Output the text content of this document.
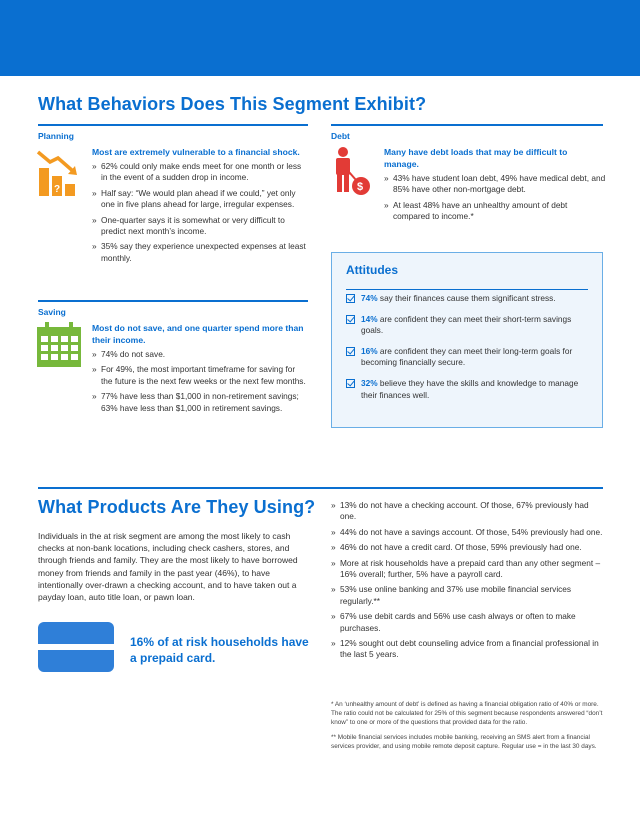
What Behaviors Does This Segment Exhibit?
Planning
?
Most are extremely vulnerable to a financial shock.
» 62% could only make ends meet for one month or less in the event of a sudden drop in income.
» Half say: “We would plan ahead if we could,” yet only one in five plans ahead for large, irregular expenses.
» One-quarter says it is somewhat or very difficult to predict next month’s income.
» 35% say they experience unexpected expenses at least monthly.
Saving
Most do not save, and one quarter spend more than their income.
» 74% do not save.
» For 49%, the most important timeframe for saving for the future is the next few weeks or the next few months.
» 77% have less than $1,000 in non-retirement savings; 63% have less than $1,000 in retirement savings.
Debt
$
Many have debt loads that may be difficult to manage.
» 43% have student loan debt, 49% have medical debt, and 85% have other non-mortgage debt.
» At least 48% have an unhealthy amount of debt compared to income.*
Attitudes
74% say their finances cause them significant stress.
14% are confident they can meet their short-term savings goals.
16% are confident they can meet their long-term goals for becoming financially secure.
32% believe they have the skills and knowledge to manage their finances well.
What Products Are They Using?

Individuals in the at risk segment are among the most likely to cash checks at non-bank locations, including check cashers, stores, and through friends and family. They are the most likely to have borrowed money from friends and family in the past year (46%), to have intentionally over-drawn a checking account, and to have taken out a payday loan, auto title loan, or pawn loan.

16% of at risk households have a prepaid card.
» 13% do not have a checking account. Of those, 67% previously had one.
» 44% do not have a savings account. Of those, 54% previously had one.
» 46% do not have a credit card. Of those, 59% previously had one.
» More at risk households have a prepaid card than any other segment – 16% overall; further, 5% have a payroll card.
» 53% use online banking and 37% use mobile financial services regularly.**
» 67% use debit cards and 56% use cash always or often to make purchases.
» 12% sought out debt counseling advice from a financial professional in the last 5 years.

* An ‘unhealthy amount of debt’ is defined as having a financial obligation ratio of 40% or more. The ratio could not be calculated for 25% of this segment because respondents answered “don’t know” to one or more of the questions that provided data for the ratio.

** Mobile financial services includes mobile banking, receiving an SMS alert from a financial services provider, and using mobile remote deposit capture. Regular use = in the last 30 days.
